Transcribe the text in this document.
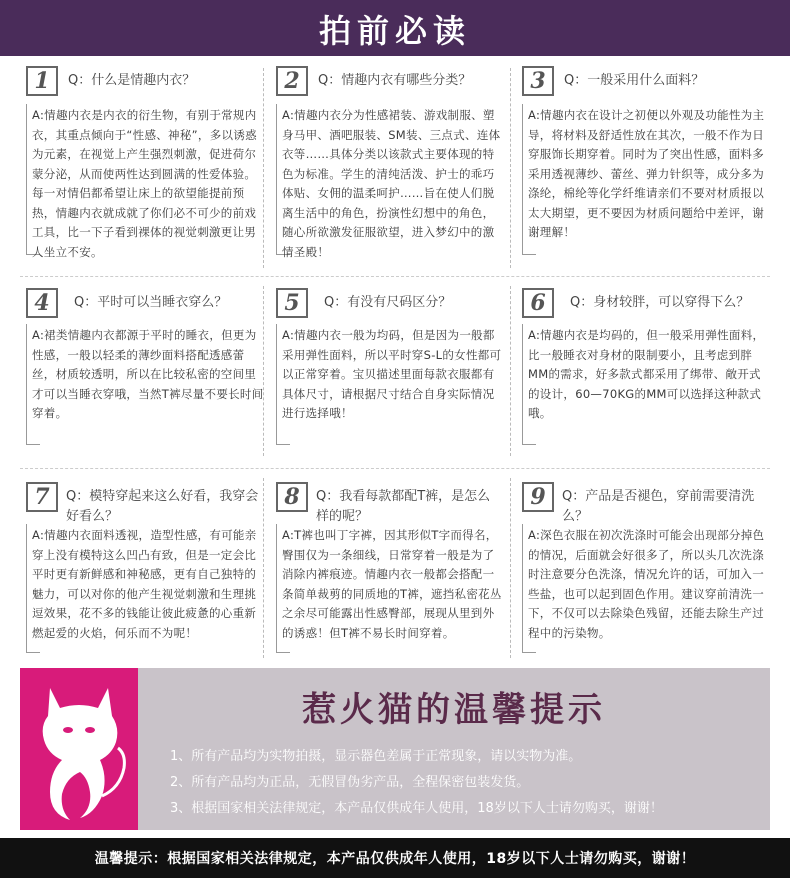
拍前必读
1 Q：什么是情趣内衣？
A:情趣内衣是内衣的衍生物，有别于常规内衣，其重点倾向于“性感、神秘”，多以诱惑为元素，在视觉上产生强烈刺激，促进荷尔蒙分泌，从而使两性达到圆满的性爱体验。每一对情侣都希望让床上的欲望能提前预热，情趣内衣就成就了你们必不可少的前戏工具，比一下子看到裸体的视觉刺激更让男人坐立不安。
2 Q：情趣内衣有哪些分类？
A:情趣内衣分为性感裙装、游戏制服、塑身马甲、酒吧服装、SM装、三点式、连体衣等……具体分类以该款式主要体现的特色为标准。学生的清纯活泼、护士的乖巧体贴、女佣的温柔呵护……旨在使人们脱离生活中的角色，扮演性幻想中的角色，随心所欲激发征服欲望，进入梦幻中的激情圣殿！
3 Q：一般采用什么面料？
A:情趣内衣在设计之初便以外观及功能性为主导，将材料及舒适性放在其次，一般不作为日穿服饰长期穿着。同时为了突出性感，面料多采用透视薄纱、蕾丝、弹力针织等，成分多为涤纶，棉纶等化学纤维请亲们不要对材质报以太大期望，更不要因为材质问题给中差评，谢谢理解！
4 Q：平时可以当睡衣穿么？
A:裙类情趣内衣都源于平时的睡衣，但更为性感，一般以轻柔的薄纱面料搭配透感蕾丝，材质较透明，所以在比较私密的空间里才可以当睡衣穿哦，当然T裤尽量不要长时间穿着。
5 Q：有没有尺码区分？
A:情趣内衣一般为均码，但是因为一般都采用弹性面料，所以平时穿S-L的女性都可以正常穿着。宝贝描述里面每款衣服都有具体尺寸，请根据尺寸结合自身实际情况进行选择哦！
6 Q：身材较胖，可以穿得下么？
A:情趣内衣是均码的，但一般采用弹性面料，比一般睡衣对身材的限制要小，且考虑到胖MM的需求，好多款式都采用了绑带、敞开式的设计，60—70KG的MM可以选择这种款式哦。
7 Q：模特穿起来这么好看，我穿会好看么？
A:情趣内衣面料透视，造型性感，有可能亲穿上没有模特这么凹凸有致，但是一定会比平时更有新鲜感和神秘感，更有自己独特的魅力，可以对你的他产生视觉刺激和生理挑逗效果，花不多的钱能让彼此疲惫的心重新燃起爱的火焰，何乐而不为呢！
8 Q：我看每款都配T裤，是怎么样的呢？
A:T裤也叫丁字裤，因其形似T字而得名，臀围仅为一条细线，日常穿着一般是为了消除内裤痕迹。情趣内衣一般都会搭配一条简单裁剪的同质地的T裤，遮挡私密花丛之余尽可能露出性感臀部，展现从里到外的诱惑！但T裤不易长时间穿着。
9 Q：产品是否褪色，穿前需要清洗么？
A:深色衣服在初次洗涤时可能会出现部分掉色的情况，后面就会好很多了，所以头几次洗涤时注意要分色洗涤，情况允许的话，可加入一些盐，也可以起到固色作用。建议穿前清洗一下，不仅可以去除染色残留，还能去除生产过程中的污染物。
惹火猫的温馨提示
1、所有产品均为实物拍摄，显示器色差属于正常现象，请以实物为准。
2、所有产品均为正品，无假冒伪劣产品，全程保密包装发货。
3、根据国家相关法律规定，本产品仅供成年人使用，18岁以下人士请勿购买，谢谢！
温馨提示：根据国家相关法律规定，本产品仅供成年人使用，18岁以下人士请勿购买，谢谢！
